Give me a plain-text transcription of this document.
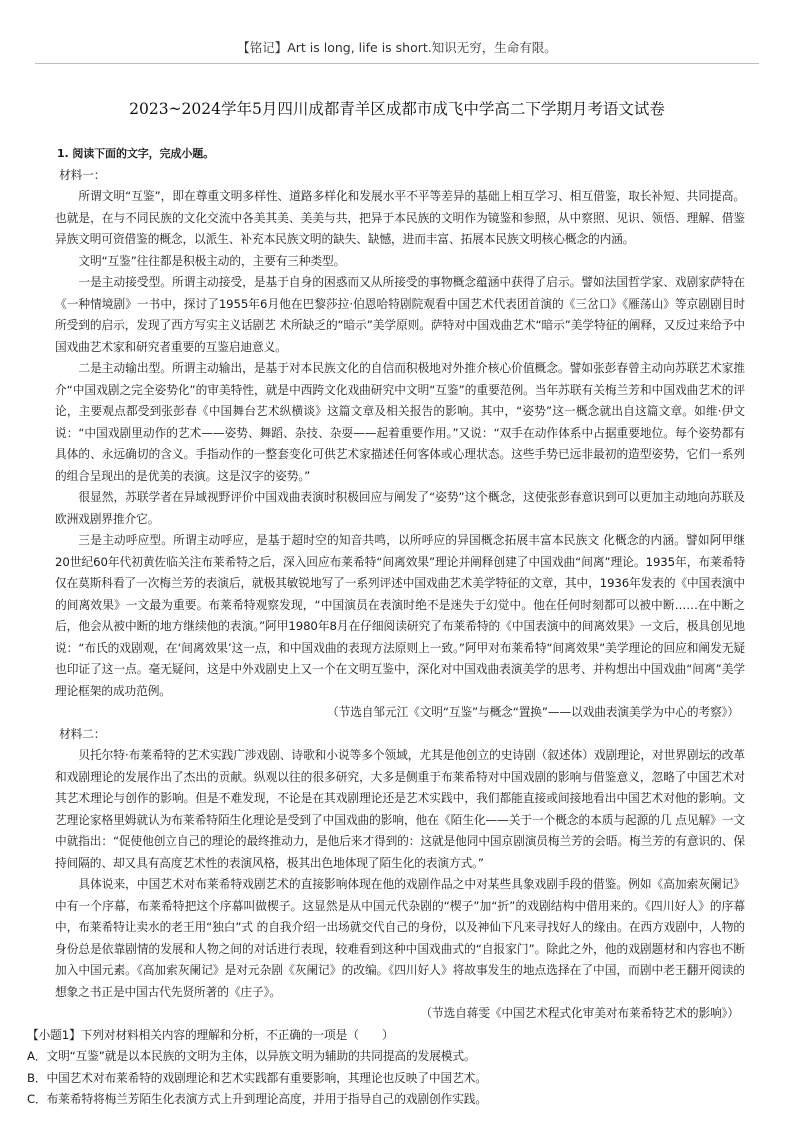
【铭记】Art is long, life is short.知识无穷，生命有限。
2023~2024学年5月四川成都青羊区成都市成飞中学高二下学期月考语文试卷

1. 阅读下面的文字，完成小题。

材料一：

所谓文明“互鉴”，即在尊重文明多样性、道路多样化和发展水平不平等差异的基础上相互学习、相互借鉴，取长补短、共同提高。也就是，在与不同民族的文化交流中各美其美、美美与共，把异于本民族的文明作为镜鉴和参照，从中察照、见识、领悟、理解、借鉴异族文明可资借鉴的概念，以派生、补充本民族文明的缺失、缺憾，进而丰富、拓展本民族文明核心概念的内涵。

文明“互鉴”往往都是积极主动的，主要有三种类型。

一是主动接受型。所谓主动接受，是基于自身的困惑而又从所接受的事物概念蕴涵中获得了启示。譬如法国哲学家、戏剧家萨特在《一种情境剧》一书中，探讨了1955年6月他在巴黎莎拉·伯恩哈特剧院观看中国艺术代表团首演的《三岔口》《雁荡山》等京剧剧目时所受到的启示，发现了西方写实主义话剧艺 术所缺乏的“暗示”美学原则。萨特对中国戏曲艺术“暗示”美学特征的阐释，又反过来给予中国戏曲艺术家和研究者重要的互鉴启迪意义。

二是主动输出型。所谓主动输出，是基于对本民族文化的自信而积极地对外推介核心价值概念。譬如张彭春曾主动向苏联艺术家推介“中国戏剧之完全姿势化”的审美特性，就是中西跨文化戏曲研究中文明“互鉴”的重要范例。当年苏联有关梅兰芳和中国戏曲艺术的评论，主要观点都受到张彭春《中国舞台艺术纵横谈》这篇文章及相关报告的影响。其中，“姿势”这一概念就出自这篇文章。如维·伊文说：“中国戏剧里动作的艺术——姿势、舞蹈、杂技、杂耍——起着重要作用。”又说：“双手在动作体系中占据重要地位。每个姿势都有具体的、永远确切的含义。手指动作的一整套变化可供艺术家描述任何客体或心理状态。这些手势已远非最初的造型姿势，它们一系列的组合呈现出的是优美的表演。这是汉字的姿势。”

很显然，苏联学者在异域视野评价中国戏曲表演时积极回应与阐发了“姿势”这个概念，这使张彭春意识到可以更加主动地向苏联及欧洲戏剧界推介它。

三是主动呼应型。所谓主动呼应，是基于超时空的知音共鸣，以所呼应的异国概念拓展丰富本民族文 化概念的内涵。譬如阿甲继20世纪60年代初黄佐临关注布莱希特之后，深入回应布莱希特“间离效果”理论并阐释创建了中国戏曲“间离”理论。1935年，布莱希特仅在莫斯科看了一次梅兰芳的表演后，就极其敏锐地写了一系列评述中国戏曲艺术美学特征的文章，其中，1936年发表的《中国表演中的间离效果》一文最为重要。布莱希特观察发现，“中国演员在表演时绝不是迷失于幻觉中。他在任何时刻都可以被中断……在中断之后，他会从被中断的地方继续他的表演。”阿甲1980年8月在仔细阅读研究了布莱希特的《中国表演中的间离效果》一文后，极具创见地说：“布氏的戏剧观，在‘间离效果’这一点，和中国戏曲的表现方法原则上一致。”阿甲对布莱希特“间离效果”美学理论的回应和阐发无疑也印证了这一点。毫无疑问，这是中外戏剧史上又一个在文明互鉴中，深化对中国戏曲表演美学的思考、并构想出中国戏曲“间离”美学理论框架的成功范例。

（节选自邹元江《文明“互鉴”与概念“置换”——以戏曲表演美学为中心的考察》）

材料二：

贝托尔特·布莱希特的艺术实践广涉戏剧、诗歌和小说等多个领域，尤其是他创立的史诗剧（叙述体）戏剧理论，对世界剧坛的改革和戏剧理论的发展作出了杰出的贡献。纵观以往的很多研究，大多是侧重于布莱希特对中国戏剧的影响与借鉴意义，忽略了中国艺术对其艺术理论与创作的影响。但是不难发现，不论是在其戏剧理论还是艺术实践中，我们都能直接或间接地看出中国艺术对他的影响。文艺理论家格里姆就认为布莱希特陌生化理论是受到了中国戏曲的影响，他在《陌生化——关于一个概念的本质与起源的几 点见解》一文中就指出：“促使他创立自己的理论的最终推动力，是他后来才得到的：这就是他同中国京剧演员梅兰芳的会晤。梅兰芳的有意识的、保持间隔的、却又具有高度艺术性的表演风格，极其出色地体现了陌生化的表演方式。”

具体说来，中国艺术对布莱希特戏剧艺术的直接影响体现在他的戏剧作品之中对某些具象戏剧手段的借鉴。例如《高加索灰阑记》中有一个序幕，布莱希特把这个序幕叫做楔子。这显然是从中国元代杂剧的“楔子”加“折”的戏剧结构中借用来的。《四川好人》的序幕中，布莱希特让卖水的老王用“独白”式 的自我介绍一出场就交代自己的身份，以及神仙下凡来寻找好人的缘由。在西方戏剧中，人物的身份总是依靠剧情的发展和人物之间的对话进行表现，较难看到这种中国戏曲式的“自报家门”。除此之外，他的戏剧题材和内容也不断加入中国元素。《高加索灰阑记》是对元杂剧《灰阑记》的改编。《四川好人》将故事发生的地点选择在了中国，而剧中老王翻开阅读的想象之书正是中国古代先贤所著的《庄子》。

（节选自蒋雯《中国艺术程式化审美对布莱希特艺术的影响》）

【小题1】下列对材料相关内容的理解和分析，不正确的一项是（　　）

A．文明“互鉴”就是以本民族的文明为主体，以异族文明为辅助的共同提高的发展模式。

B．中国艺术对布莱希特的戏剧理论和艺术实践都有重要影响，其理论也反映了中国艺术。

C．布莱希特将梅兰芳陌生化表演方式上升到理论高度，并用于指导自己的戏剧创作实践。
